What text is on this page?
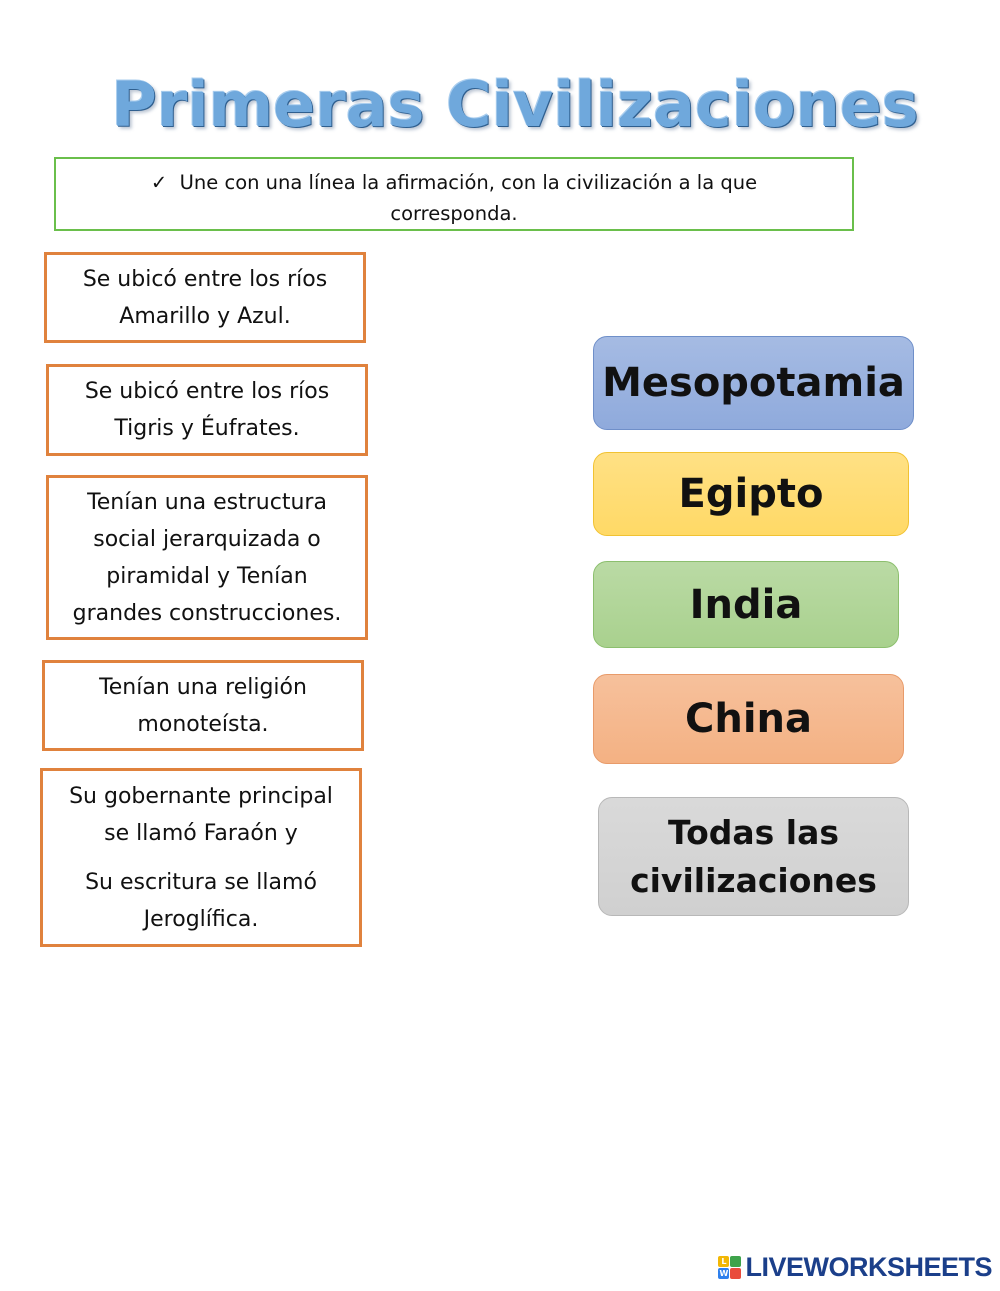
Primeras Civilizaciones
✓ Une con una línea la afirmación, con la civilización a la que
corresponda.
Se ubicó entre los ríos
Amarillo y Azul.
Se ubicó entre los ríos
Tigris y Éufrates.
Tenían una estructura
social jerarquizada o
piramidal y Tenían
grandes construcciones.
Tenían una religión
monoteísta.
Su gobernante principal
se llamó Faraón y
Su escritura se llamó
Jeroglífica.
Mesopotamia
Egipto
India
China
Todas las
civilizaciones
L
W LIVEWORKSHEETS
